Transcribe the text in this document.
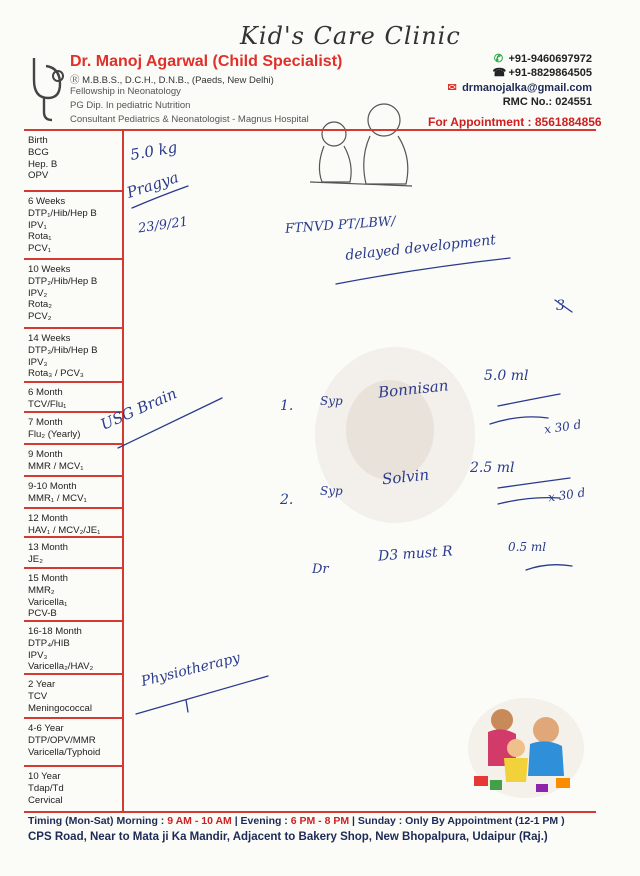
Kid's Care Clinic
Dr. Manoj Agarwal (Child Specialist)
Ⓡ M.B.B.S., D.C.H., D.N.B., (Paeds, New Delhi)
Fellowship in Neonatology
PG Dip. In pediatric Nutrition
Consultant Pediatrics & Neonatologist - Magnus Hospital
✆ +91-9460697972
☎ +91-8829864505
✉ drmanojalka@gmail.com
RMC No.: 024551
For Appointment : 8561884856
Birth
BCG
Hep. B
OPV
6 Weeks
DTP₁/Hib/Hep B
IPV₁
Rota₁
PCV₁
10 Weeks
DTP₂/Hib/Hep B
IPV₂
Rota₂
PCV₂
14 Weeks
DTP₃/Hib/Hep B
IPV₃
Rota₃ / PCV₃
6 Month
TCV/Flu₁
7 Month
Flu₂ (Yearly)
9 Month
MMR / MCV₁
9-10 Month
MMR₁ / MCV₁
12 Month
HAV₁ / MCV₂/JE₁
13 Month
JE₂
15 Month
MMR₂
Varicella₁
PCV-B
16-18 Month
DTP₄/HIB
IPV₃
Varicella₂/HAV₂
2 Year
TCV
Meningococcal
4-6 Year
DTP/OPV/MMR
Varicella/Typhoid
10 Year
Tdap/Td
Cervical
5.0 kg
Pragya
23/9/21	FTNVD PT/LBW/
delayed development
3
USG Brain	1. Syp Bonnisan
5.0 ml
x 30 d
2.
Syp
Solvin	2.5 ml
x 30 d
Dr
D3 must R	0.5 ml
Physiotherapy
Timing (Mon-Sat) Morning : 9 AM - 10 AM | Evening : 6 PM - 8 PM | Sunday : Only By Appointment (12-1 PM )
CPS Road, Near to Mata ji Ka Mandir, Adjacent to Bakery Shop, New Bhopalpura, Udaipur (Raj.)
